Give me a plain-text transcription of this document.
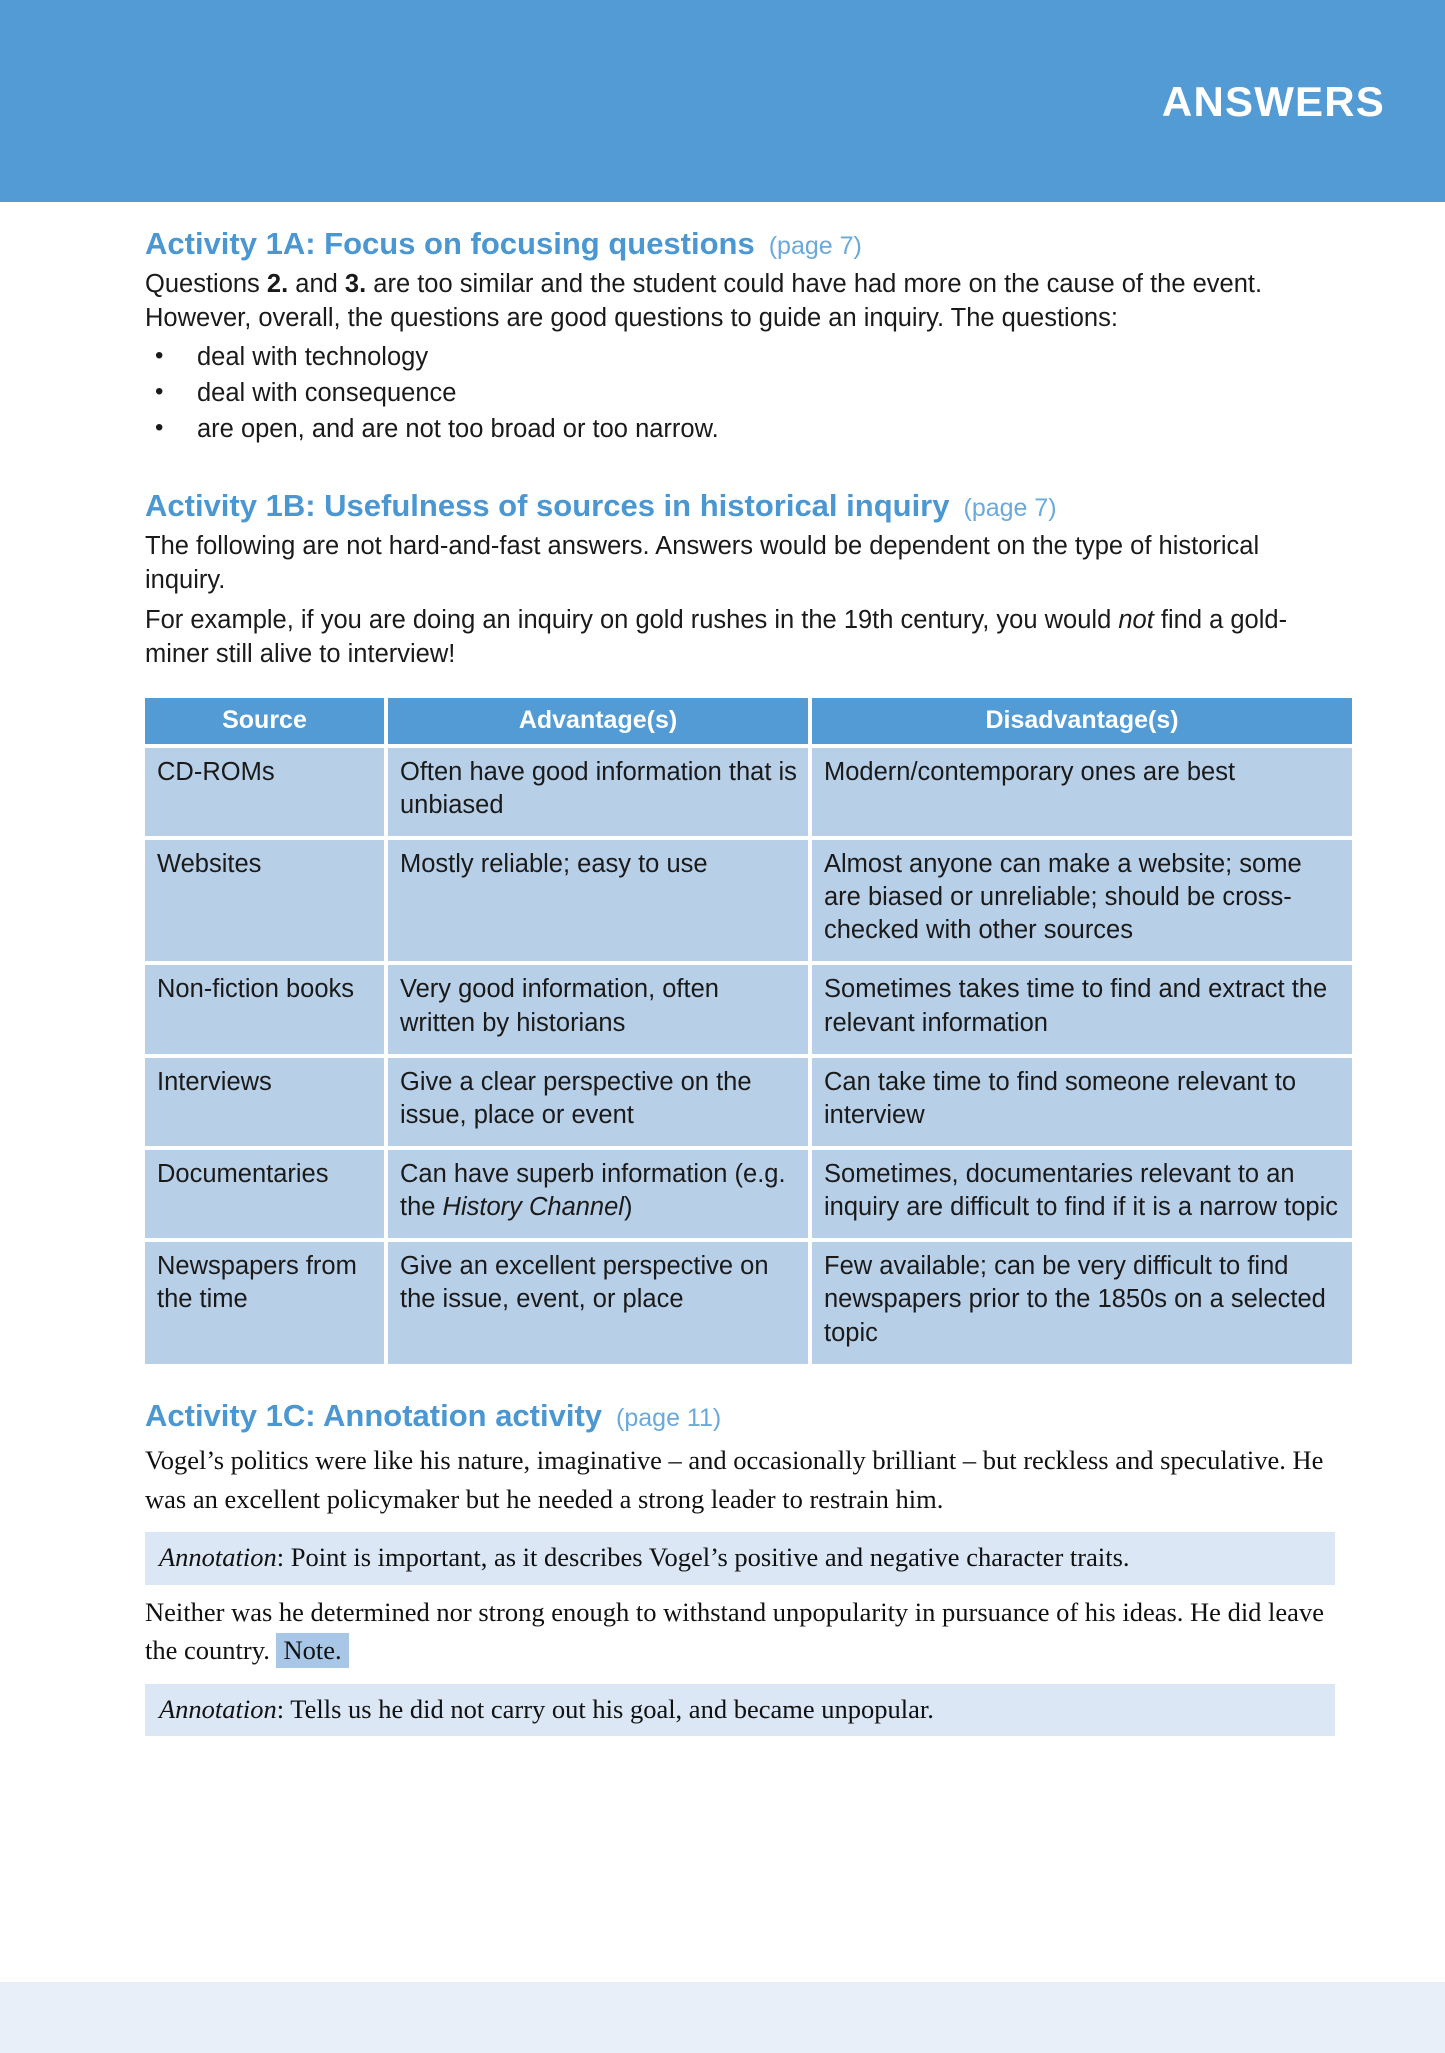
ANSWERS
Activity 1A: Focus on focusing questions (page 7)

Questions 2. and 3. are too similar and the student could have had more on the cause of the event. However, overall, the questions are good questions to guide an inquiry. The questions:

• deal with technology
• deal with consequence
• are open, and are not too broad or too narrow.
Activity 1B: Usefulness of sources in historical inquiry (page 7)

The following are not hard-and-fast answers. Answers would be dependent on the type of historical inquiry.

For example, if you are doing an inquiry on gold rushes in the 19th century, you would not find a gold-miner still alive to interview!

Source	Advantage(s)	Disadvantage(s)
CD-ROMs	Often have good information that is unbiased	Modern/contemporary ones are best
Websites	Mostly reliable; easy to use	Almost anyone can make a website; some are biased or unreliable; should be cross-checked with other sources
Non-fiction books	Very good information, often written by historians	Sometimes takes time to find and extract the relevant information
Interviews	Give a clear perspective on the issue, place or event	Can take time to find someone relevant to interview
Documentaries	Can have superb information (e.g. the History Channel)	Sometimes, documentaries relevant to an inquiry are difficult to find if it is a narrow topic
Newspapers from the time	Give an excellent perspective on the issue, event, or place	Few available; can be very difficult to find newspapers prior to the 1850s on a selected topic
Activity 1C: Annotation activity (page 11)

Vogel’s politics were like his nature, imaginative – and occasionally brilliant – but reckless and speculative. He was an excellent policymaker but he needed a strong leader to restrain him.

Annotation: Point is important, as it describes Vogel’s positive and negative character traits.

Neither was he determined nor strong enough to withstand unpopularity in pursuance of his ideas. He did leave the country. Note.

Annotation: Tells us he did not carry out his goal, and became unpopular.
